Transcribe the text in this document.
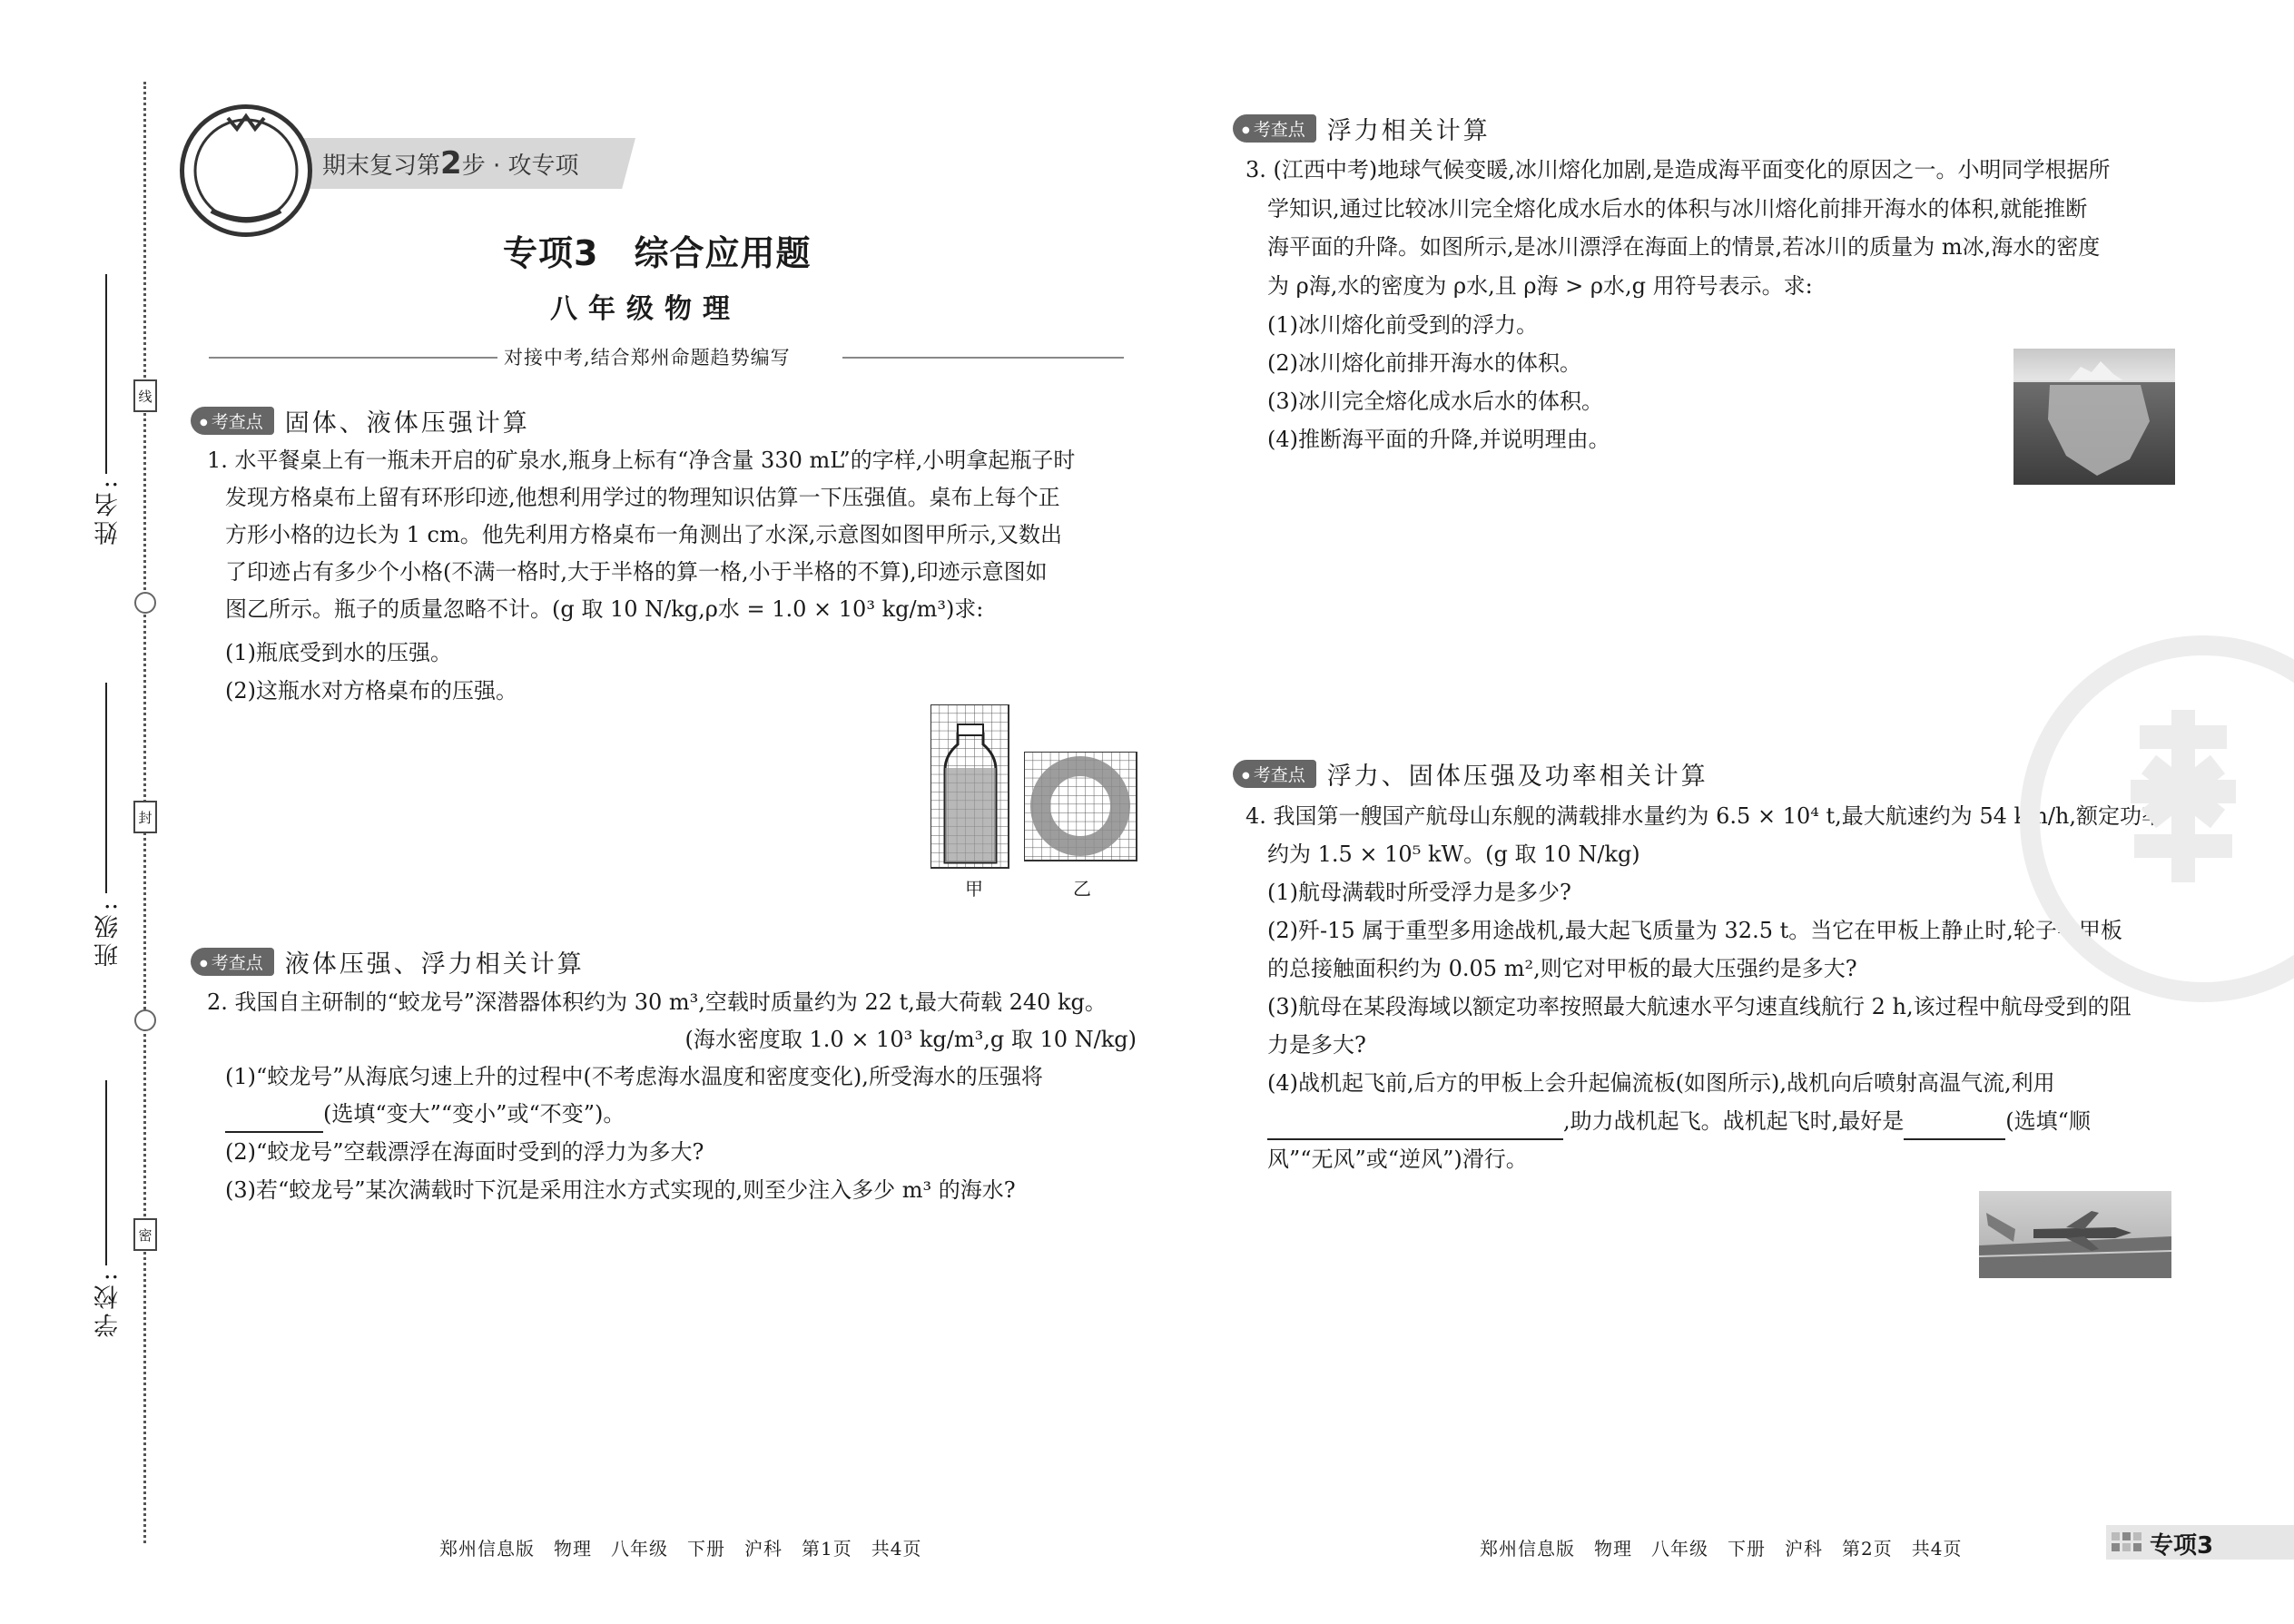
线
封
密
姓名:
班级:
学校:
期末复习第2步 · 攻专项
专项3　综合应用题
八年级物理
对接中考,结合郑州命题趋势编写
● 考查点 固体、液体压强计算
1. 水平餐桌上有一瓶未开启的矿泉水,瓶身上标有“净含量 330 mL”的字样,小明拿起瓶子时
发现方格桌布上留有环形印迹,他想利用学过的物理知识估算一下压强值。桌布上每个正
方形小格的边长为 1 cm。他先利用方格桌布一角测出了水深,示意图如图甲所示,又数出
了印迹占有多少个小格(不满一格时,大于半格的算一格,小于半格的不算),印迹示意图如
图乙所示。瓶子的质量忽略不计。(g 取 10 N/kg,ρ水 = 1.0 × 10³ kg/m³)求:
(1)瓶底受到水的压强。
(2)这瓶水对方格桌布的压强。
甲	乙
● 考查点 液体压强、浮力相关计算
2. 我国自主研制的“蛟龙号”深潜器体积约为 30 m³,空载时质量约为 22 t,最大荷载 240 kg。
(海水密度取 1.0 × 10³ kg/m³,g 取 10 N/kg)
(1)“蛟龙号”从海底匀速上升的过程中(不考虑海水温度和密度变化),所受海水的压强将
(选填“变大”“变小”或“不变”)。
(2)“蛟龙号”空载漂浮在海面时受到的浮力为多大?
(3)若“蛟龙号”某次满载时下沉是采用注水方式实现的,则至少注入多少 m³ 的海水?
● 考查点 浮力相关计算
3. (江西中考)地球气候变暖,冰川熔化加剧,是造成海平面变化的原因之一。小明同学根据所
学知识,通过比较冰川完全熔化成水后水的体积与冰川熔化前排开海水的体积,就能推断
海平面的升降。如图所示,是冰川漂浮在海面上的情景,若冰川的质量为 m冰,海水的密度
为 ρ海,水的密度为 ρ水,且 ρ海 > ρ水,g 用符号表示。求:
(1)冰川熔化前受到的浮力。
(2)冰川熔化前排开海水的体积。
(3)冰川完全熔化成水后水的体积。
(4)推断海平面的升降,并说明理由。
● 考查点 浮力、固体压强及功率相关计算
4. 我国第一艘国产航母山东舰的满载排水量约为 6.5 × 10⁴ t,最大航速约为 54 km/h,额定功率
约为 1.5 × 10⁵ kW。(g 取 10 N/kg)
(1)航母满载时所受浮力是多少?
(2)歼-15 属于重型多用途战机,最大起飞质量为 32.5 t。当它在甲板上静止时,轮子与甲板
的总接触面积约为 0.05 m²,则它对甲板的最大压强约是多大?
(3)航母在某段海域以额定功率按照最大航速水平匀速直线航行 2 h,该过程中航母受到的阻
力是多大?
(4)战机起飞前,后方的甲板上会升起偏流板(如图所示),战机向后喷射高温气流,利用
,助力战机起飞。战机起飞时,最好是	(选填“顺
风”“无风”或“逆风”)滑行。
郑州信息版　物理　八年级　下册　沪科　第1页　共4页	郑州信息版　物理　八年级　下册　沪科　第2页　共4页	专项3
